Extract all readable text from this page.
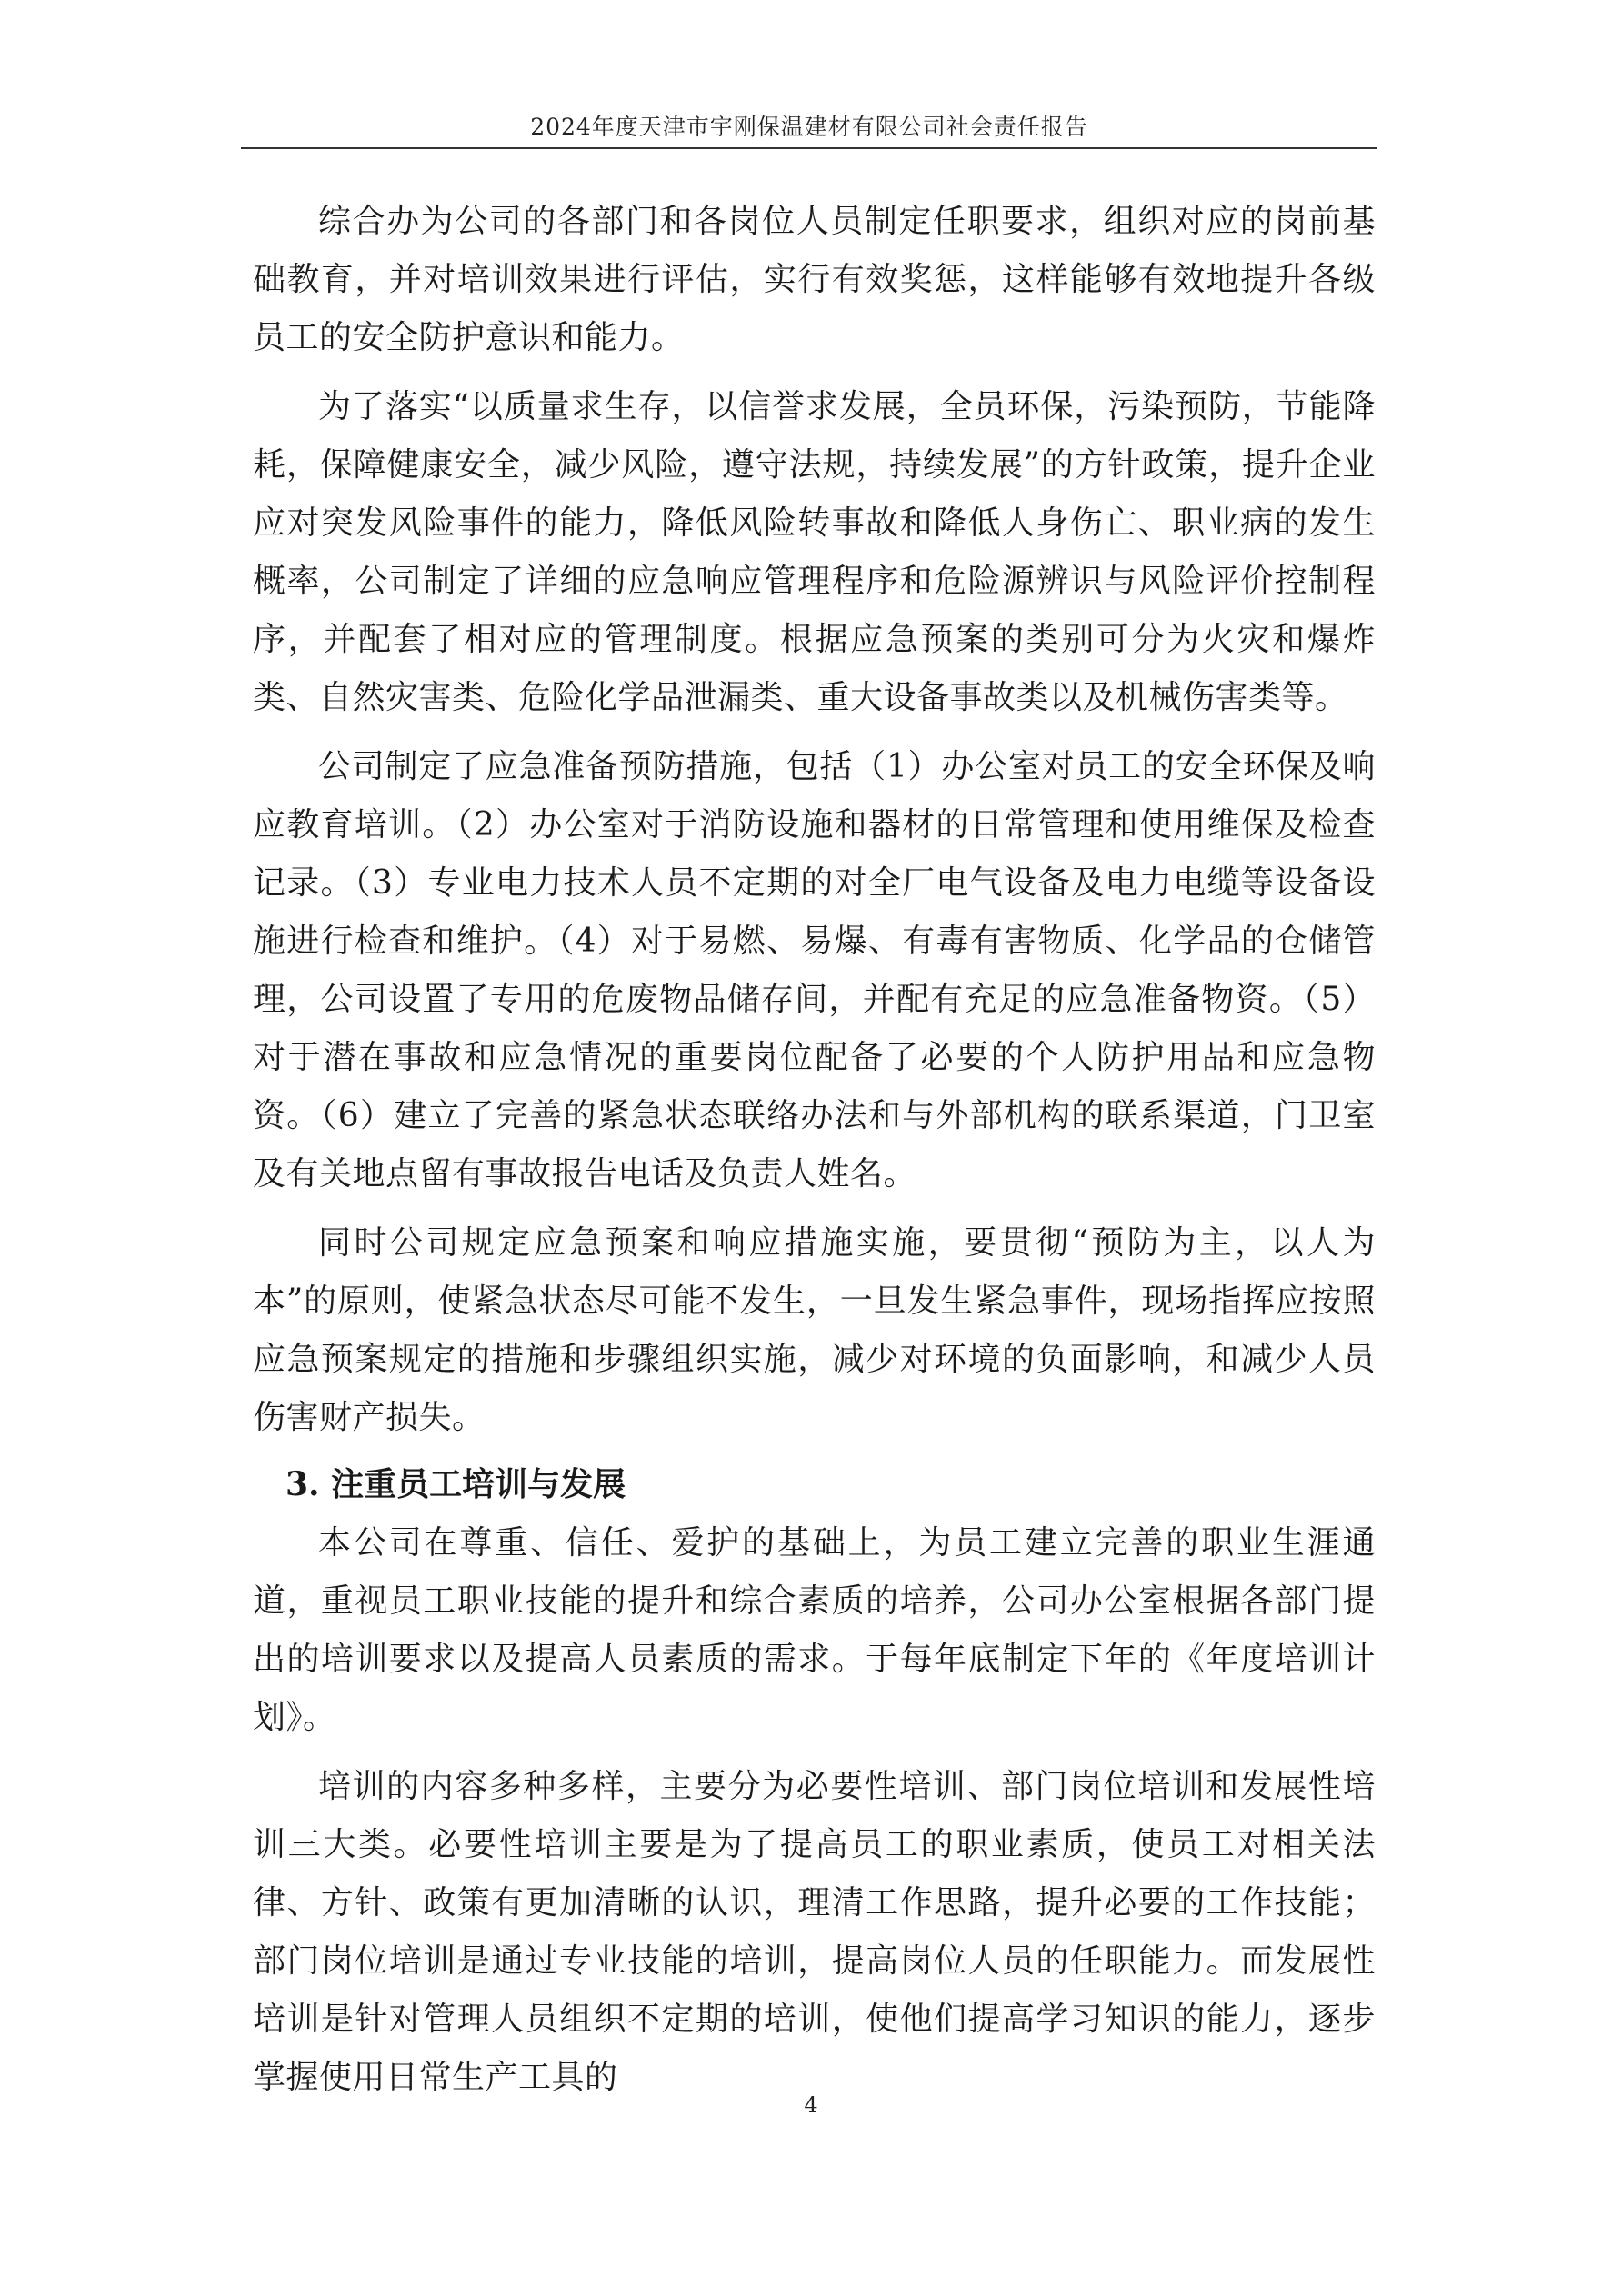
2024年度天津市宇刚保温建材有限公司社会责任报告

综合办为公司的各部门和各岗位人员制定任职要求，组织对应的岗前基础教育，并对培训效果进行评估，实行有效奖惩，这样能够有效地提升各级员工的安全防护意识和能力。

为了落实“以质量求生存，以信誉求发展，全员环保，污染预防，节能降耗，保障健康安全，减少风险，遵守法规，持续发展”的方针政策，提升企业应对突发风险事件的能力，降低风险转事故和降低人身伤亡、职业病的发生概率，公司制定了详细的应急响应管理程序和危险源辨识与风险评价控制程序，并配套了相对应的管理制度。根据应急预案的类别可分为火灾和爆炸类、自然灾害类、危险化学品泄漏类、重大设备事故类以及机械伤害类等。

公司制定了应急准备预防措施，包括（1）办公室对员工的安全环保及响应教育培训。（2）办公室对于消防设施和器材的日常管理和使用维保及检查记录。（3）专业电力技术人员不定期的对全厂电气设备及电力电缆等设备设施进行检查和维护。（4）对于易燃、易爆、有毒有害物质、化学品的仓储管理，公司设置了专用的危废物品储存间，并配有充足的应急准备物资。（5）对于潜在事故和应急情况的重要岗位配备了必要的个人防护用品和应急物资。（6）建立了完善的紧急状态联络办法和与外部机构的联系渠道，门卫室及有关地点留有事故报告电话及负责人姓名。

同时公司规定应急预案和响应措施实施，要贯彻“预防为主，以人为本”的原则，使紧急状态尽可能不发生，一旦发生紧急事件，现场指挥应按照应急预案规定的措施和步骤组织实施，减少对环境的负面影响，和减少人员伤害财产损失。

3. 注重员工培训与发展

本公司在尊重、信任、爱护的基础上，为员工建立完善的职业生涯通道，重视员工职业技能的提升和综合素质的培养，公司办公室根据各部门提出的培训要求以及提高人员素质的需求。于每年底制定下年的《年度培训计划》。

培训的内容多种多样，主要分为必要性培训、部门岗位培训和发展性培训三大类。必要性培训主要是为了提高员工的职业素质，使员工对相关法律、方针、政策有更加清晰的认识，理清工作思路，提升必要的工作技能；部门岗位培训是通过专业技能的培训，提高岗位人员的任职能力。而发展性培训是针对管理人员组织不定期的培训，使他们提高学习知识的能力，逐步掌握使用日常生产工具的

4
